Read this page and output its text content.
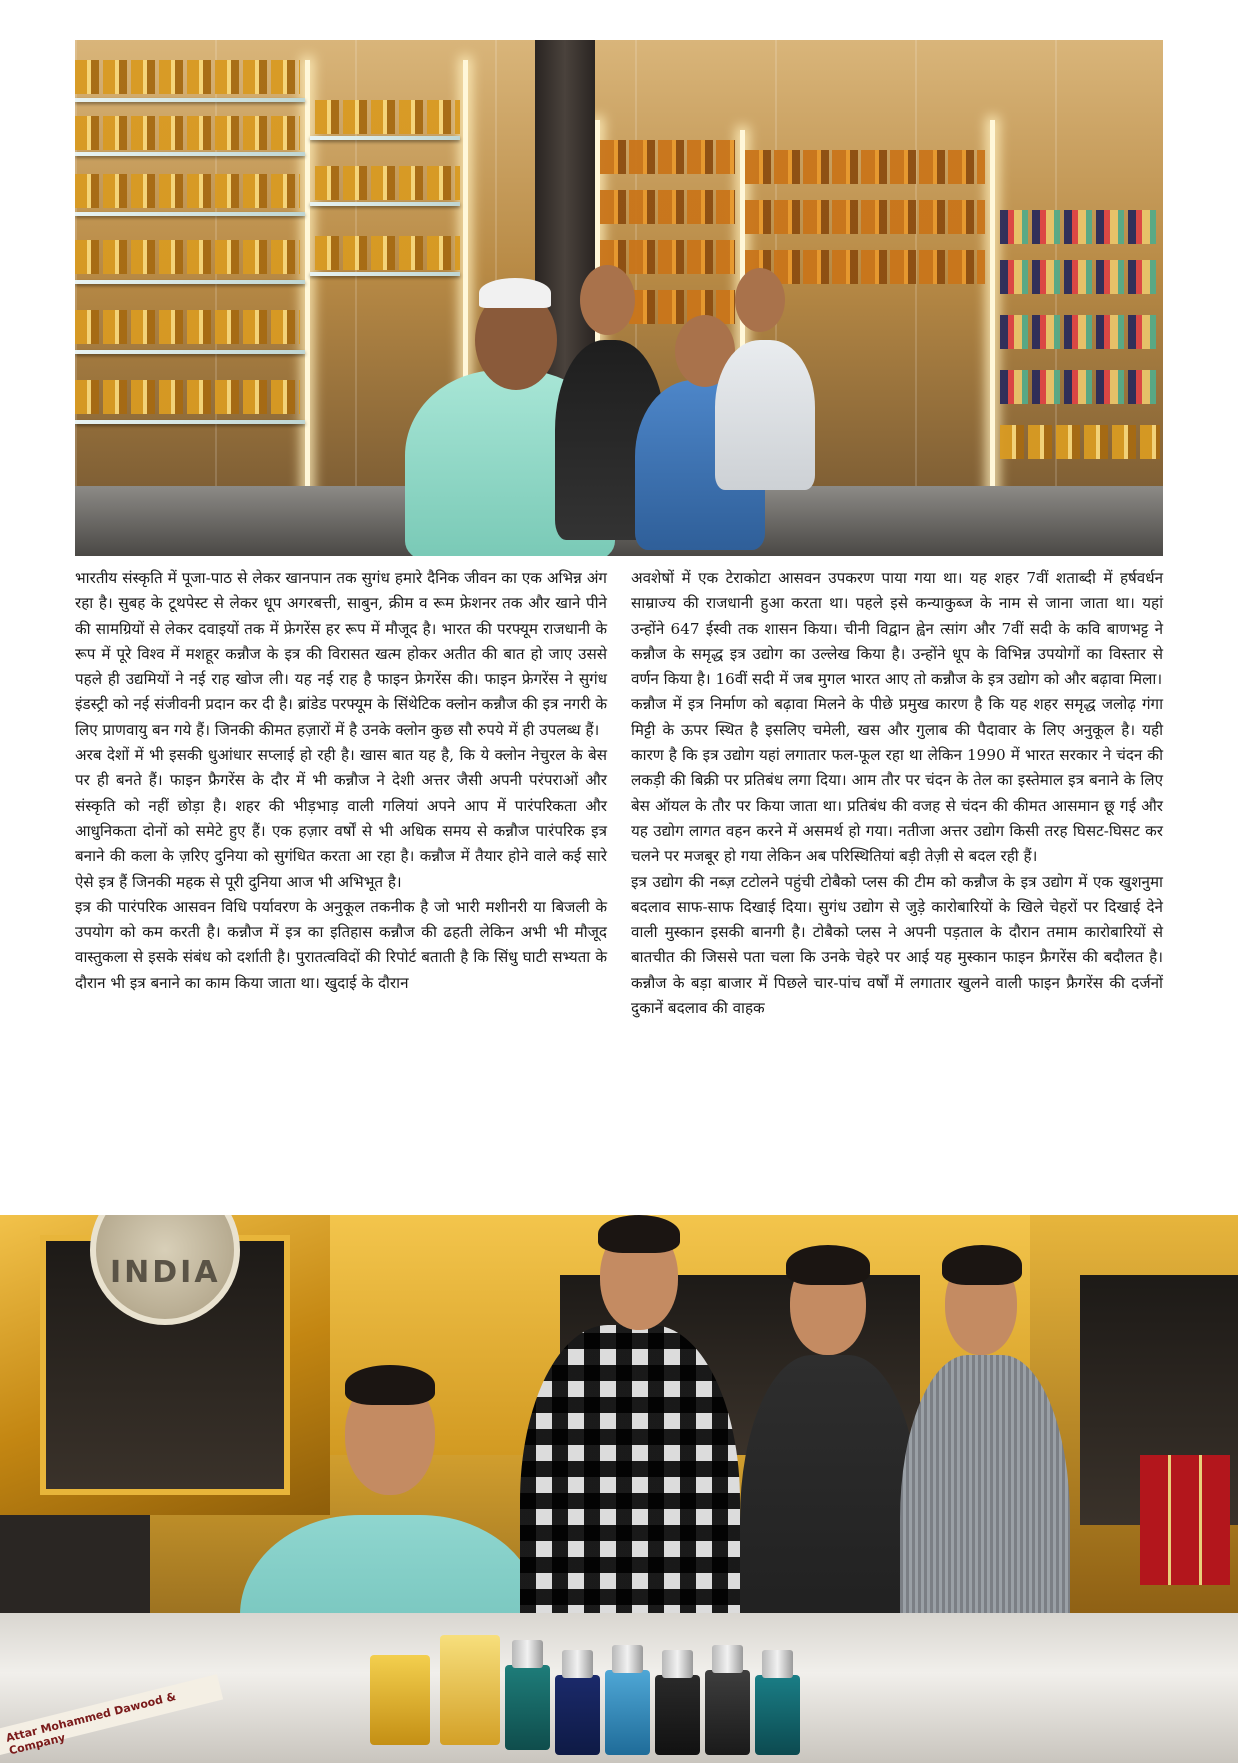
भारतीय संस्कृति में पूजा-पाठ से लेकर खानपान तक सुगंध हमारे दैनिक जीवन का एक अभिन्न अंग रहा है। सुबह के टूथपेस्ट से लेकर धूप अगरबत्ती, साबुन, क्रीम व रूम फ्रेशनर तक और खाने पीने की सामग्रियों से लेकर दवाइयों तक में फ्रेगरेंस हर रूप में मौजूद है। भारत की परफ्यूम राजधानी के रूप में पूरे विश्व में मशहूर कन्नौज के इत्र की विरासत खत्म होकर अतीत की बात हो जाए उससे पहले ही उद्यमियों ने नई राह खोज ली। यह नई राह है फाइन फ्रेगरेंस की। फाइन फ्रेगरेंस ने सुगंध इंडस्ट्री को नई संजीवनी प्रदान कर दी है। ब्रांडेड परफ्यूम के सिंथेटिक क्लोन कन्नौज की इत्र नगरी के लिए प्राणवायु बन गये हैं। जिनकी कीमत हज़ारों में है उनके क्लोन कुछ सौ रुपये में ही उपलब्ध हैं।

अरब देशों में भी इसकी धुआंधार सप्लाई हो रही है। खास बात यह है, कि ये क्लोन नेचुरल के बेस पर ही बनते हैं। फाइन फ्रैगरेंस के दौर में भी कन्नौज ने देशी अत्तर जैसी अपनी परंपराओं और संस्कृति को नहीं छोड़ा है। शहर की भीड़भाड़ वाली गलियां अपने आप में पारंपरिकता और आधुनिकता दोनों को समेटे हुए हैं। एक हज़ार वर्षों से भी अधिक समय से कन्नौज पारंपरिक इत्र बनाने की कला के ज़रिए दुनिया को सुगंधित करता आ रहा है। कन्नौज में तैयार होने वाले कई सारे ऐसे इत्र हैं जिनकी महक से पूरी दुनिया आज भी अभिभूत है।

इत्र की पारंपरिक आसवन विधि पर्यावरण के अनुकूल तकनीक है जो भारी मशीनरी या बिजली के उपयोग को कम करती है। कन्नौज में इत्र का इतिहास कन्नौज की ढहती लेकिन अभी भी मौजूद वास्तुकला से इसके संबंध को दर्शाती है। पुरातत्वविदों की रिपोर्ट बताती है कि सिंधु घाटी सभ्यता के दौरान भी इत्र बनाने का काम किया जाता था। खुदाई के दौरान

अवशेषों में एक टेराकोटा आसवन उपकरण पाया गया था। यह शहर 7वीं शताब्दी में हर्षवर्धन साम्राज्य की राजधानी हुआ करता था। पहले इसे कन्याकुब्ज के नाम से जाना जाता था। यहां उन्होंने 647 ईस्वी तक शासन किया। चीनी विद्वान ह्वेन त्सांग और 7वीं सदी के कवि बाणभट्ट ने कन्नौज के समृद्ध इत्र उद्योग का उल्लेख किया है। उन्होंने धूप के विभिन्न उपयोगों का विस्तार से वर्णन किया है। 16वीं सदी में जब मुगल भारत आए तो कन्नौज के इत्र उद्योग को और बढ़ावा मिला।

कन्नौज में इत्र निर्माण को बढ़ावा मिलने के पीछे प्रमुख कारण है कि यह शहर समृद्ध जलोढ़ गंगा मिट्टी के ऊपर स्थित है इसलिए चमेली, खस और गुलाब की पैदावार के लिए अनुकूल है। यही कारण है कि इत्र उद्योग यहां लगातार फल-फूल रहा था लेकिन 1990 में भारत सरकार ने चंदन की लकड़ी की बिक्री पर प्रतिबंध लगा दिया। आम तौर पर चंदन के तेल का इस्तेमाल इत्र बनाने के लिए बेस ऑयल के तौर पर किया जाता था। प्रतिबंध की वजह से चंदन की कीमत आसमान छू गई और यह उद्योग लागत वहन करने में असमर्थ हो गया। नतीजा अत्तर उद्योग किसी तरह घिसट-घिसट कर चलने पर मजबूर हो गया लेकिन अब परिस्थितियां बड़ी तेज़ी से बदल रही हैं।

इत्र उद्योग की नब्ज़ टटोलने पहुंची टोबैको प्लस की टीम को कन्नौज के इत्र उद्योग में एक खुशनुमा बदलाव साफ-साफ दिखाई दिया। सुगंध उद्योग से जुड़े कारोबारियों के खिले चेहरों पर दिखाई देने वाली मुस्कान इसकी बानगी है। टोबैको प्लस ने अपनी पड़ताल के दौरान तमाम कारोबारियों से बातचीत की जिससे पता चला कि उनके चेहरे पर आई यह मुस्कान फाइन फ्रैगरेंस की बदौलत है। कन्नौज के बड़ा बाजार में पिछले चार-पांच वर्षों में लगातार खुलने वाली फाइन फ्रैगरेंस की दर्जनों दुकानें बदलाव की वाहक

INDIA
Attar Mohammed Dawood & Company
